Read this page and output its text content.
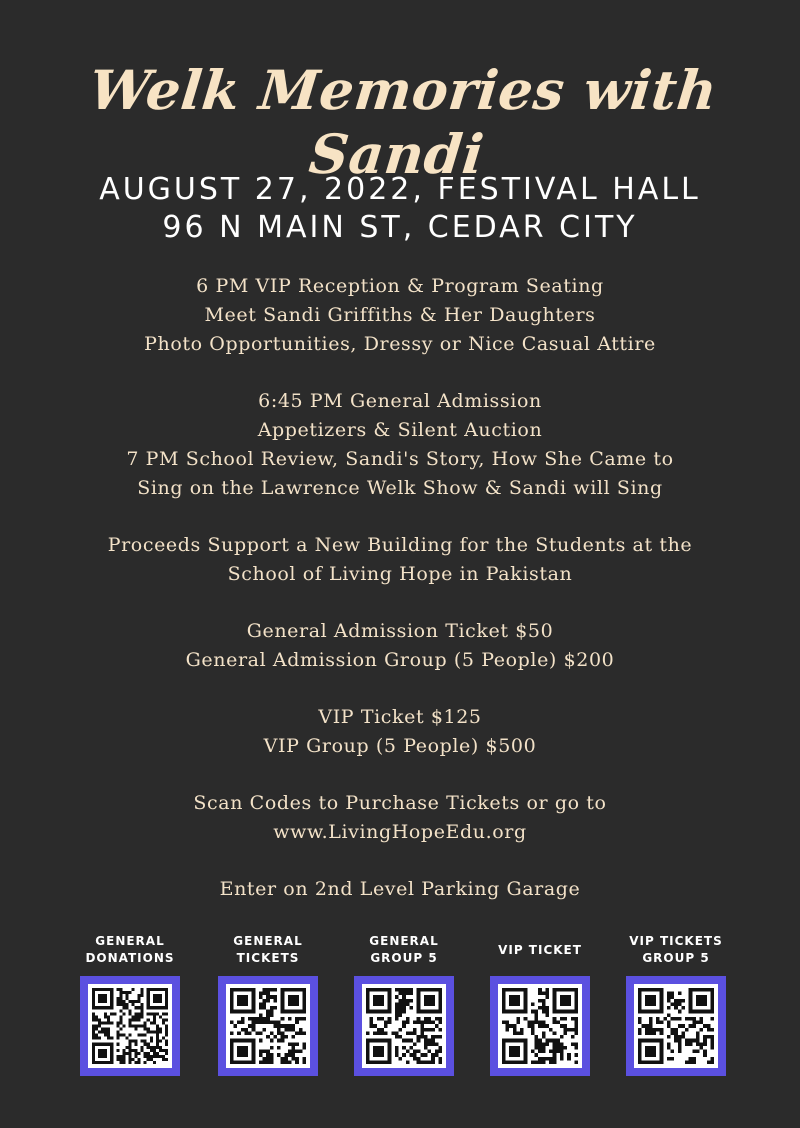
Welk Memories with Sandi
AUGUST 27, 2022, FESTIVAL HALL
96 N MAIN ST, CEDAR CITY
6 PM VIP Reception & Program Seating
Meet Sandi Griffiths & Her Daughters
Photo Opportunities, Dressy or Nice Casual Attire
6:45 PM General Admission
Appetizers & Silent Auction
7 PM School Review, Sandi's Story, How She Came to
Sing on the Lawrence Welk Show & Sandi will Sing
Proceeds Support a New Building for the Students at the
School of Living Hope in Pakistan
General Admission Ticket $50
General Admission Group (5 People) $200
VIP Ticket $125
VIP Group (5 People) $500
Scan Codes to Purchase Tickets or go to
www.LivingHopeEdu.org
Enter on 2nd Level Parking Garage
GENERAL
DONATIONS
GENERAL
TICKETS
GENERAL
GROUP 5
VIP TICKET
VIP TICKETS
GROUP 5
